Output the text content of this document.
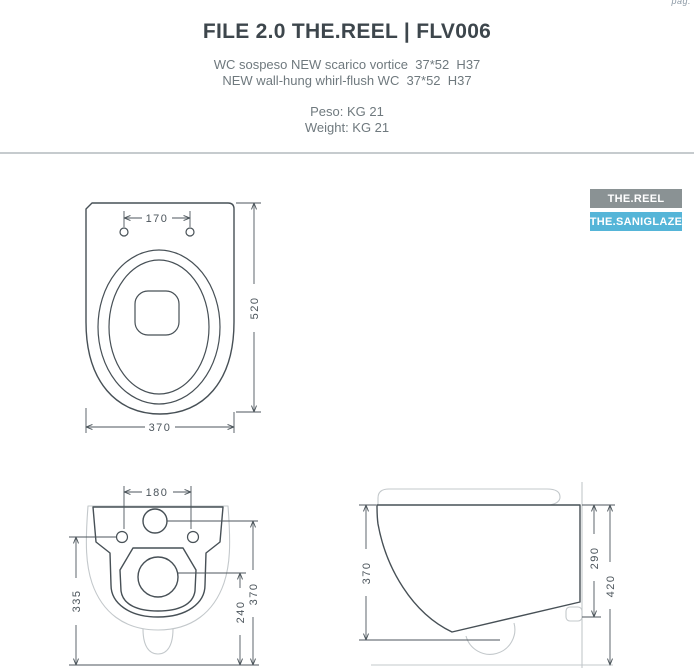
170
520
370
180
335	370
240
370
290
420
pag.
FILE 2.0 THE.REEL | FLV006

WC sospeso NEW scarico vortice  37*52  H37

NEW wall-hung whirl-flush WC  37*52  H37

Peso: KG 21

Weight: KG 21

THE.REEL
THE.SANIGLAZE
